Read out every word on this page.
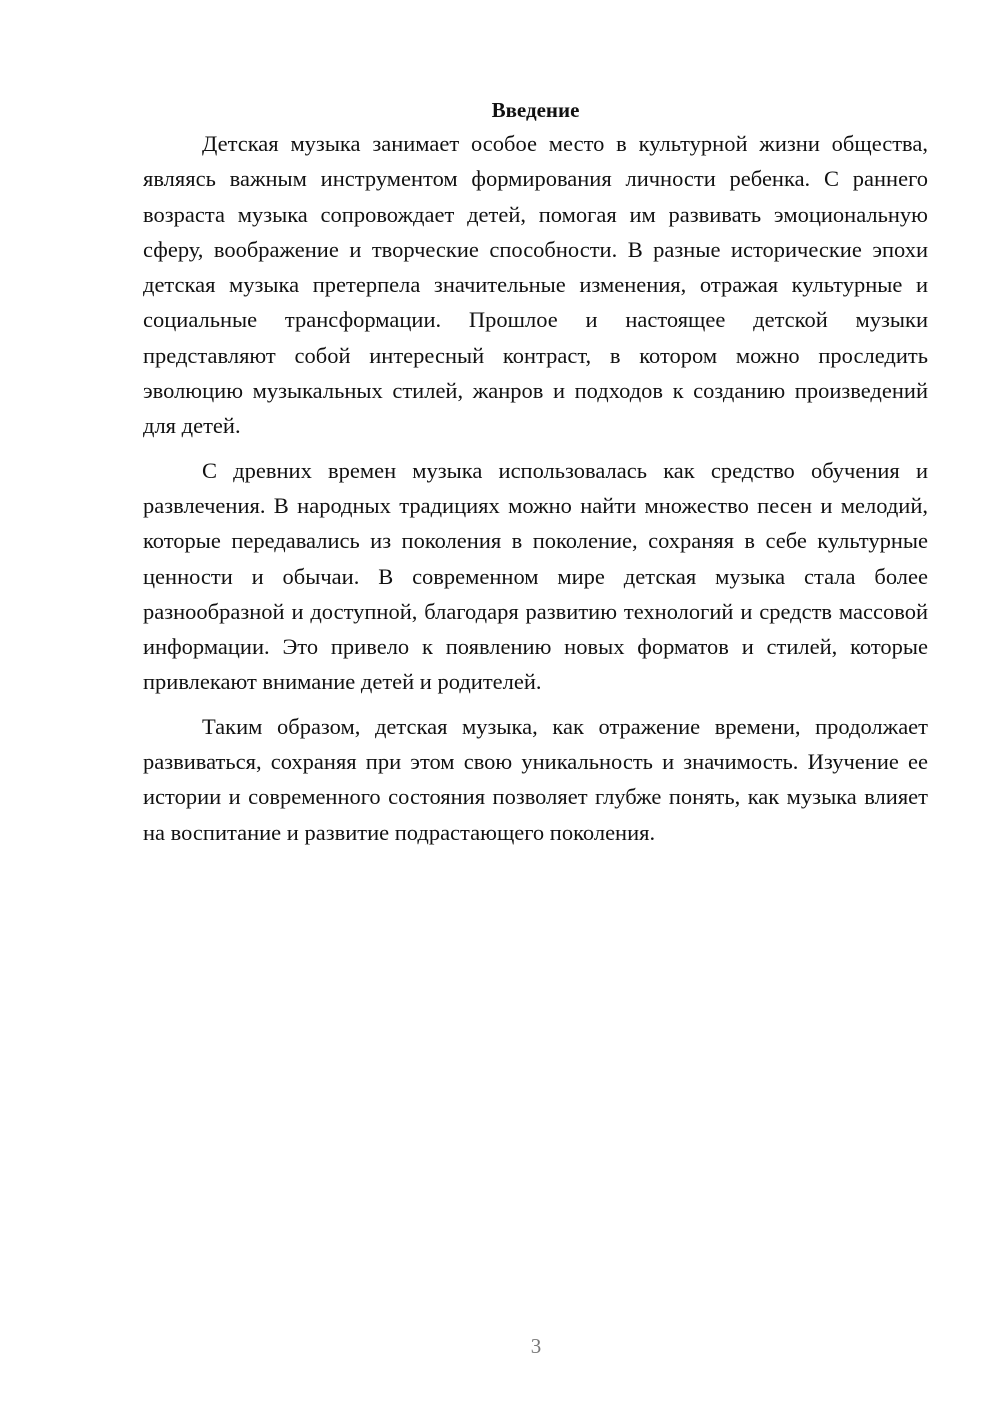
Введение

Детская музыка занимает особое место в культурной жизни общества, являясь важным инструментом формирования личности ребенка. С раннего возраста музыка сопровождает детей, помогая им развивать эмоциональную сферу, воображение и творческие способности. В разные исторические эпохи детская музыка претерпела значительные изменения, отражая культурные и социальные трансформации. Прошлое и настоящее детской музыки представляют собой интересный контраст, в котором можно проследить эволюцию музыкальных стилей, жанров и подходов к созданию произведений для детей.

С древних времен музыка использовалась как средство обучения и развлечения. В народных традициях можно найти множество песен и мелодий, которые передавались из поколения в поколение, сохраняя в себе культурные ценности и обычаи. В современном мире детская музыка стала более разнообразной и доступной, благодаря развитию технологий и средств массовой информации. Это привело к появлению новых форматов и стилей, которые привлекают внимание детей и родителей.

Таким образом, детская музыка, как отражение времени, продолжает развиваться, сохраняя при этом свою уникальность и значимость. Изучение ее истории и современного состояния позволяет глубже понять, как музыка влияет на воспитание и развитие подрастающего поколения.

3
